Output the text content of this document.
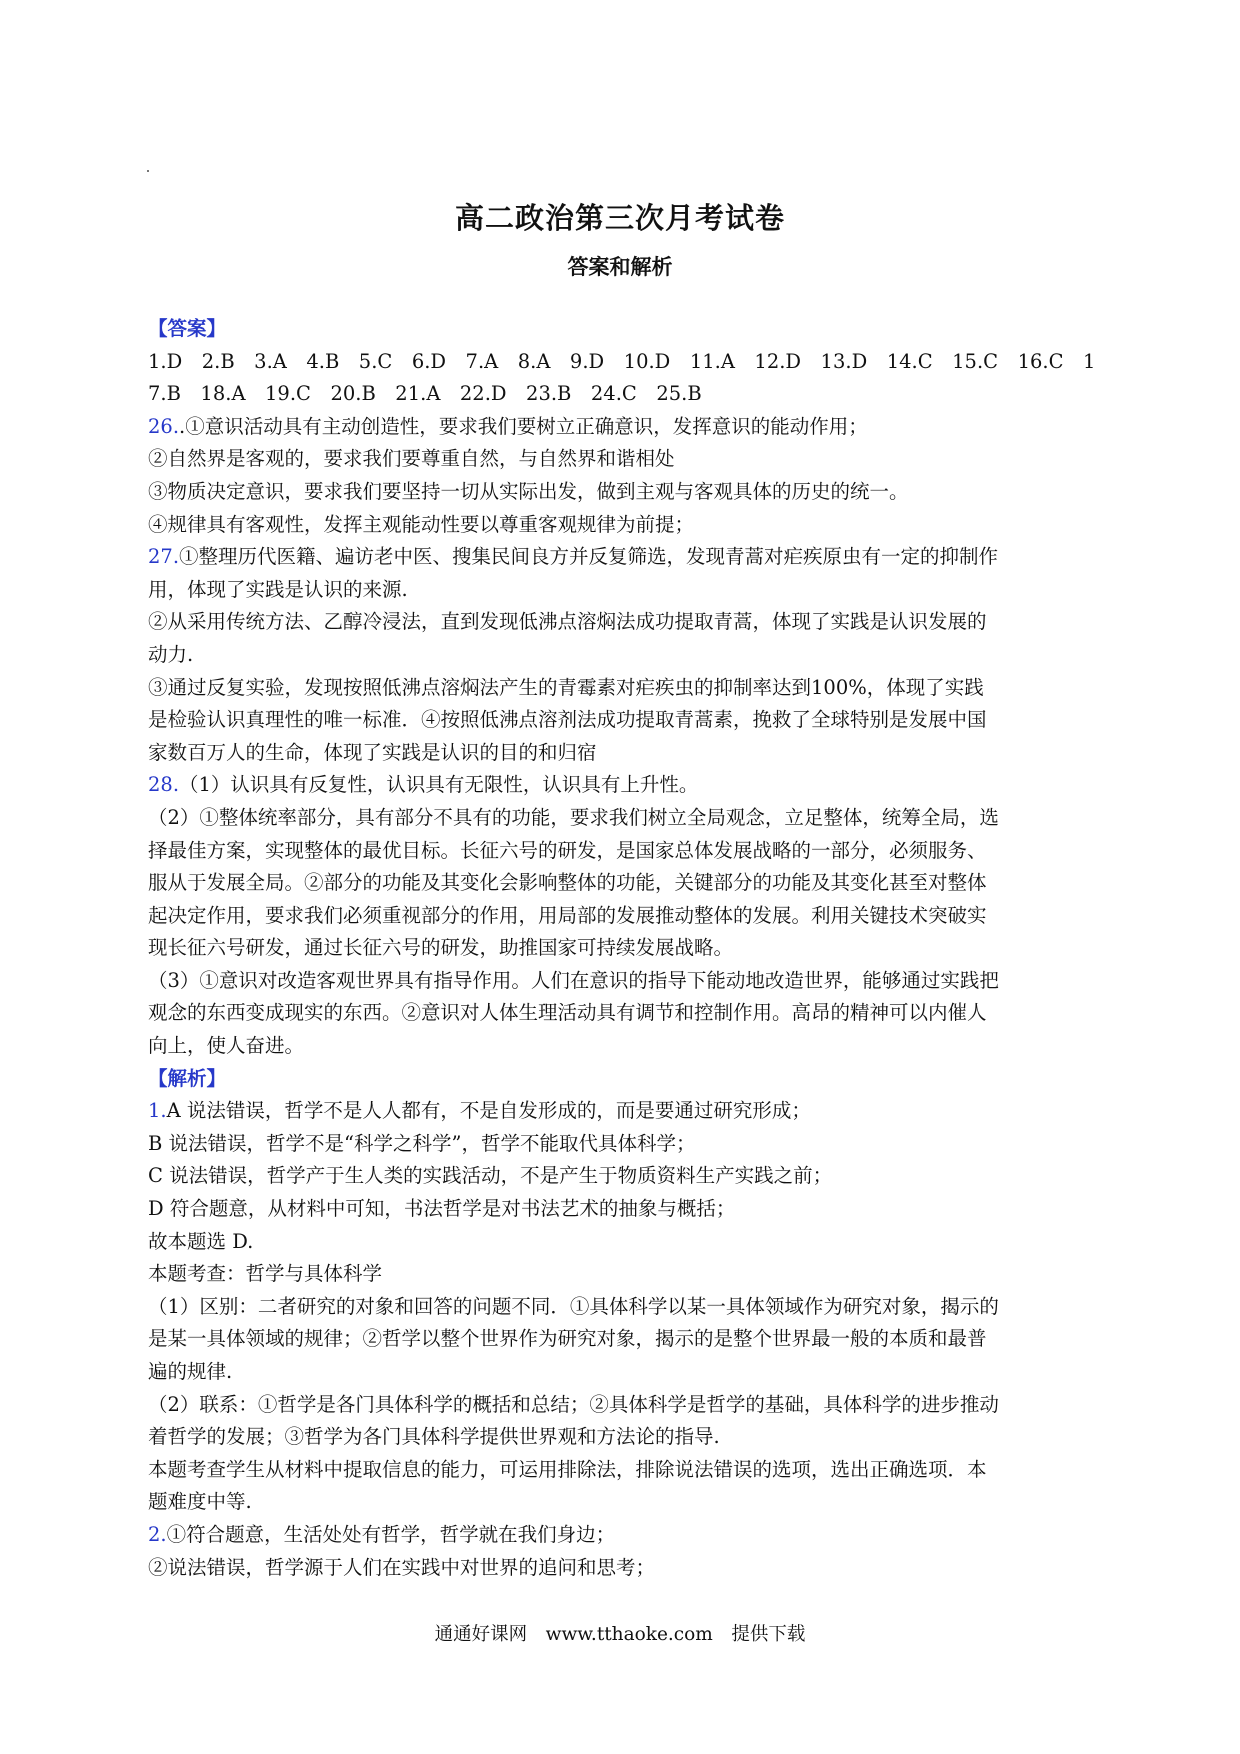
高二政治第三次月考试卷
答案和解析
【答案】
1.D　2.B　3.A　4.B　5.C　6.D　7.A　8.A　9.D　10.D　11.A　12.D　13.D　14.C　15.C　16.C　1
7.B　18.A　19.C　20.B　21.A　22.D　23.B　24.C　25.B
26..①意识活动具有主动创造性，要求我们要树立正确意识，发挥意识的能动作用；
②自然界是客观的，要求我们要尊重自然，与自然界和谐相处
③物质决定意识，要求我们要坚持一切从实际出发，做到主观与客观具体的历史的统一。
④规律具有客观性，发挥主观能动性要以尊重客观规律为前提；
27.①整理历代医籍、遍访老中医、搜集民间良方并反复筛选，发现青蒿对疟疾原虫有一定的抑制作
用，体现了实践是认识的来源.
②从采用传统方法、乙醇冷浸法，直到发现低沸点溶焖法成功提取青蒿，体现了实践是认识发展的
动力.
③通过反复实验，发现按照低沸点溶焖法产生的青霉素对疟疾虫的抑制率达到100%，体现了实践
是检验认识真理性的唯一标准．④按照低沸点溶剂法成功提取青蒿素，挽救了全球特别是发展中国
家数百万人的生命，体现了实践是认识的目的和归宿
28.（1）认识具有反复性，认识具有无限性，认识具有上升性。
（2）①整体统率部分，具有部分不具有的功能，要求我们树立全局观念，立足整体，统筹全局，选
择最佳方案，实现整体的最优目标。长征六号的研发，是国家总体发展战略的一部分，必须服务、
服从于发展全局。②部分的功能及其变化会影响整体的功能，关键部分的功能及其变化甚至对整体
起决定作用，要求我们必须重视部分的作用，用局部的发展推动整体的发展。利用关键技术突破实
现长征六号研发，通过长征六号的研发，助推国家可持续发展战略。
（3）①意识对改造客观世界具有指导作用。人们在意识的指导下能动地改造世界，能够通过实践把
观念的东西变成现实的东西。②意识对人体生理活动具有调节和控制作用。高昂的精神可以内催人
向上，使人奋进。
【解析】
1.A 说法错误，哲学不是人人都有，不是自发形成的，而是要通过研究形成；
B 说法错误，哲学不是“科学之科学”，哲学不能取代具体科学；
C 说法错误，哲学产于生人类的实践活动，不是产生于物质资料生产实践之前；
D 符合题意，从材料中可知，书法哲学是对书法艺术的抽象与概括；
故本题选 D.
本题考查：哲学与具体科学
（1）区别：二者研究的对象和回答的问题不同．①具体科学以某一具体领域作为研究对象，揭示的
是某一具体领域的规律；②哲学以整个世界作为研究对象，揭示的是整个世界最一般的本质和最普
遍的规律.
（2）联系：①哲学是各门具体科学的概括和总结；②具体科学是哲学的基础，具体科学的进步推动
着哲学的发展；③哲学为各门具体科学提供世界观和方法论的指导.
本题考查学生从材料中提取信息的能力，可运用排除法，排除说法错误的选项，选出正确选项．本
题难度中等.
2.①符合题意，生活处处有哲学，哲学就在我们身边；
②说法错误，哲学源于人们在实践中对世界的追问和思考；
通通好课网　www.tthaoke.com　提供下载
